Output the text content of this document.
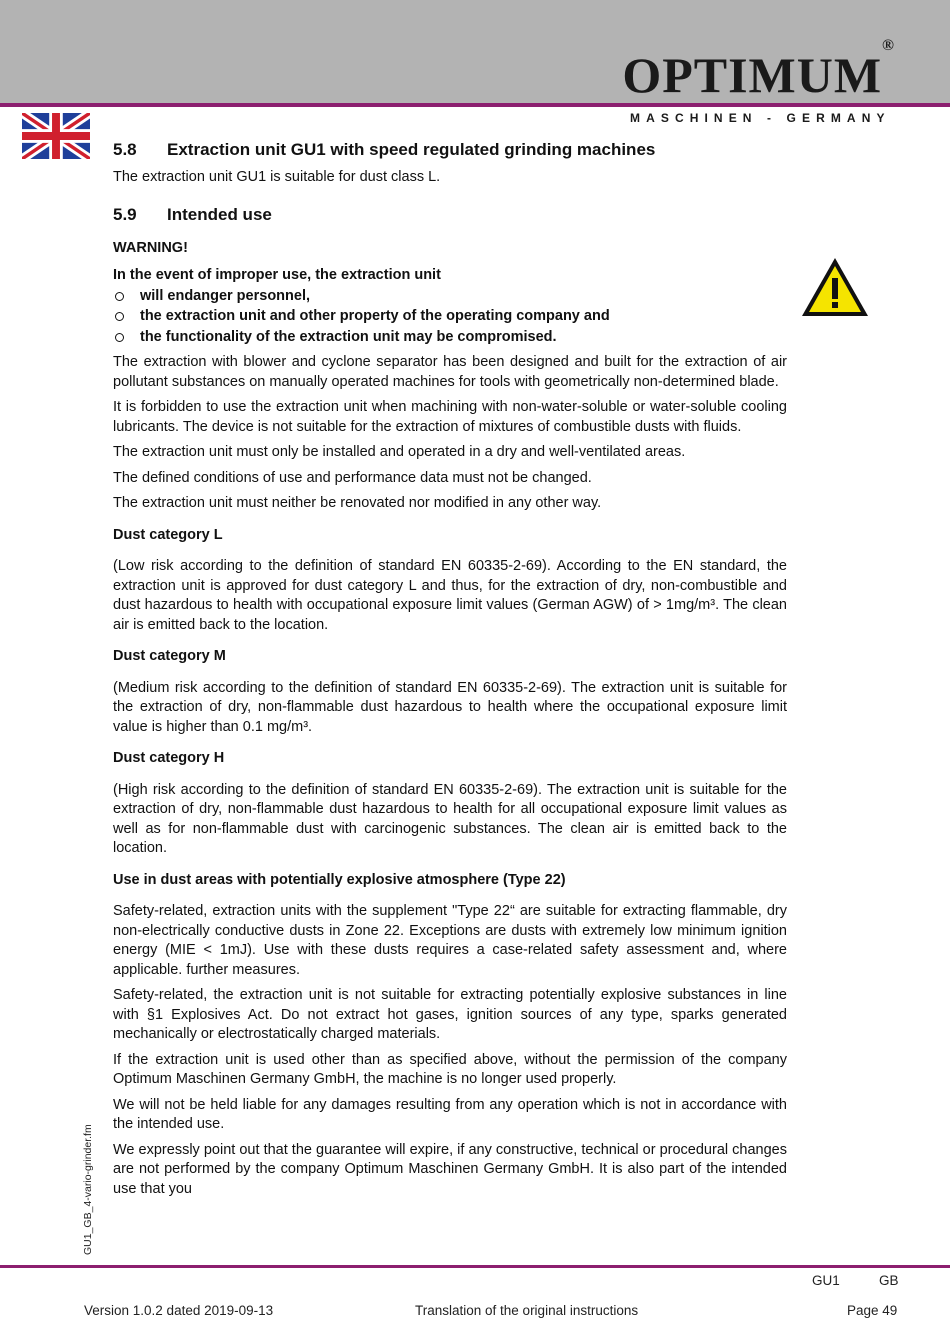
OPTIMUM®
MASCHINEN - GERMANY
5.8	Extraction unit GU1 with speed regulated grinding machines

The extraction unit GU1 is suitable for dust class L.

5.9	Intended use

WARNING!

In the event of improper use, the extraction unit

will endanger personnel,
the extraction unit and other property of the operating company and
the functionality of the extraction unit may be compromised.

The extraction with blower and cyclone separator has been designed and built for the extraction of air pollutant substances on manually operated machines for tools with geometrically non-determined blade.

It is forbidden to use the extraction unit when machining with non-water-soluble or water-soluble cooling lubricants. The device is not suitable for the extraction of mixtures of combustible dusts with fluids.

The extraction unit must only be installed and operated in a dry and well-ventilated areas.

The defined conditions of use and performance data must not be changed.

The extraction unit must neither be renovated nor modified in any other way.

Dust category L

(Low risk according to the definition of standard EN 60335-2-69). According to the EN standard, the extraction unit is approved for dust category L and thus, for the extraction of dry, non-combustible and dust hazardous to health with occupational exposure limit values (German AGW) of > 1mg/m³. The clean air is emitted back to the location.

Dust category M

(Medium risk according to the definition of standard EN 60335-2-69). The extraction unit is suitable for the extraction of dry, non-flammable dust hazardous to health where the occupational exposure limit value is higher than 0.1 mg/m³.

Dust category H

(High risk according to the definition of standard EN 60335-2-69). The extraction unit is suitable for the extraction of dry, non-flammable dust hazardous to health for all occupational exposure limit values as well as for non-flammable dust with carcinogenic substances. The clean air is emitted back to the location.

Use in dust areas with potentially explosive atmosphere (Type 22)

Safety-related, extraction units with the supplement "Type 22“ are suitable for extracting flammable, dry non-electrically conductive dusts in Zone 22. Exceptions are dusts with extremely low minimum ignition energy (MIE < 1mJ). Use with these dusts requires a case-related safety assessment and, where applicable. further measures.

Safety-related, the extraction unit is not suitable for extracting potentially explosive substances in line with §1 Explosives Act. Do not extract hot gases, ignition sources of any type, sparks generated mechanically or electrostatically charged materials.

If the extraction unit is used other than as specified above, without the permission of the company Optimum Maschinen Germany GmbH, the machine is no longer used properly.

We will not be held liable for any damages resulting from any operation which is not in accordance with the intended use.

We expressly point out that the guarantee will expire, if any constructive, technical or procedural changes are not performed by the company Optimum Maschinen Germany GmbH. It is also part of the intended use that you

GU1_GB_4-vario-grinder.fm
GU1	GB
Version 1.0.2 dated 2019-09-13	Translation of the original instructions	Page 49
